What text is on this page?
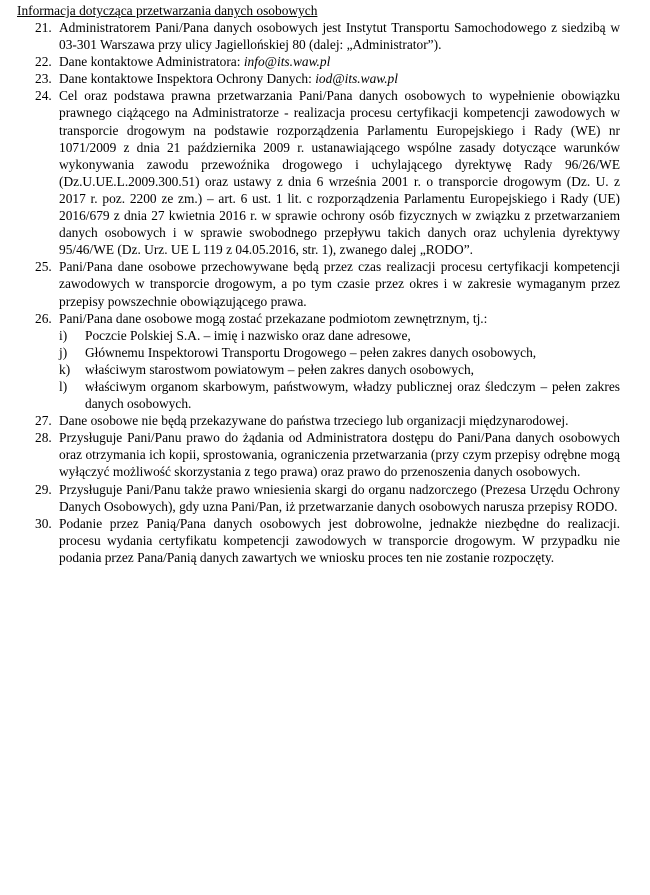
Informacja dotycząca przetwarzania danych osobowych
21. Administratorem Pani/Pana danych osobowych jest Instytut Transportu Samochodowego z siedzibą w 03-301 Warszawa przy ulicy Jagiellońskiej 80 (dalej: „Administrator”).
22. Dane kontaktowe Administratora: info@its.waw.pl
23. Dane kontaktowe Inspektora Ochrony Danych: iod@its.waw.pl
24. Cel oraz podstawa prawna przetwarzania Pani/Pana danych osobowych to wypełnienie obowiązku prawnego ciążącego na Administratorze - realizacja procesu certyfikacji kompetencji zawodowych w transporcie drogowym na podstawie rozporządzenia Parlamentu Europejskiego i Rady (WE) nr 1071/2009 z dnia 21 października 2009 r. ustanawiającego wspólne zasady dotyczące warunków wykonywania zawodu przewoźnika drogowego i uchylającego dyrektywę Rady 96/26/WE (Dz.U.UE.L.2009.300.51) oraz ustawy z dnia 6 września 2001 r. o transporcie drogowym (Dz. U. z 2017 r. poz. 2200 ze zm.) – art. 6 ust. 1 lit. c rozporządzenia Parlamentu Europejskiego i Rady (UE) 2016/679 z dnia 27 kwietnia 2016 r. w sprawie ochrony osób fizycznych w związku z przetwarzaniem danych osobowych i w sprawie swobodnego przepływu takich danych oraz uchylenia dyrektywy 95/46/WE (Dz. Urz. UE L 119 z 04.05.2016, str. 1), zwanego dalej „RODO”.
25. Pani/Pana dane osobowe przechowywane będą przez czas realizacji procesu certyfikacji kompetencji zawodowych w transporcie drogowym, a po tym czasie przez okres i w zakresie wymaganym przez przepisy powszechnie obowiązującego prawa.
26. Pani/Pana dane osobowe mogą zostać przekazane podmiotom zewnętrznym, tj.:
i) Poczcie Polskiej S.A. – imię i nazwisko oraz dane adresowe,
j) Głównemu Inspektorowi Transportu Drogowego – pełen zakres danych osobowych,
k) właściwym starostwom powiatowym – pełen zakres danych osobowych,
l) właściwym organom skarbowym, państwowym, władzy publicznej oraz śledczym – pełen zakres danych osobowych.
27. Dane osobowe nie będą przekazywane do państwa trzeciego lub organizacji międzynarodowej.
28. Przysługuje Pani/Panu prawo do żądania od Administratora dostępu do Pani/Pana danych osobowych oraz otrzymania ich kopii, sprostowania, ograniczenia przetwarzania (przy czym przepisy odrębne mogą wyłączyć możliwość skorzystania z tego prawa) oraz prawo do przenoszenia danych osobowych.
29. Przysługuje Pani/Panu także prawo wniesienia skargi do organu nadzorczego (Prezesa Urzędu Ochrony Danych Osobowych), gdy uzna Pani/Pan, iż przetwarzanie danych osobowych narusza przepisy RODO.
30. Podanie przez Panią/Pana danych osobowych jest dobrowolne, jednakże niezbędne do realizacji. procesu wydania certyfikatu kompetencji zawodowych w transporcie drogowym. W przypadku nie podania przez Pana/Panią danych zawartych we wniosku proces ten nie zostanie rozpoczęty.
